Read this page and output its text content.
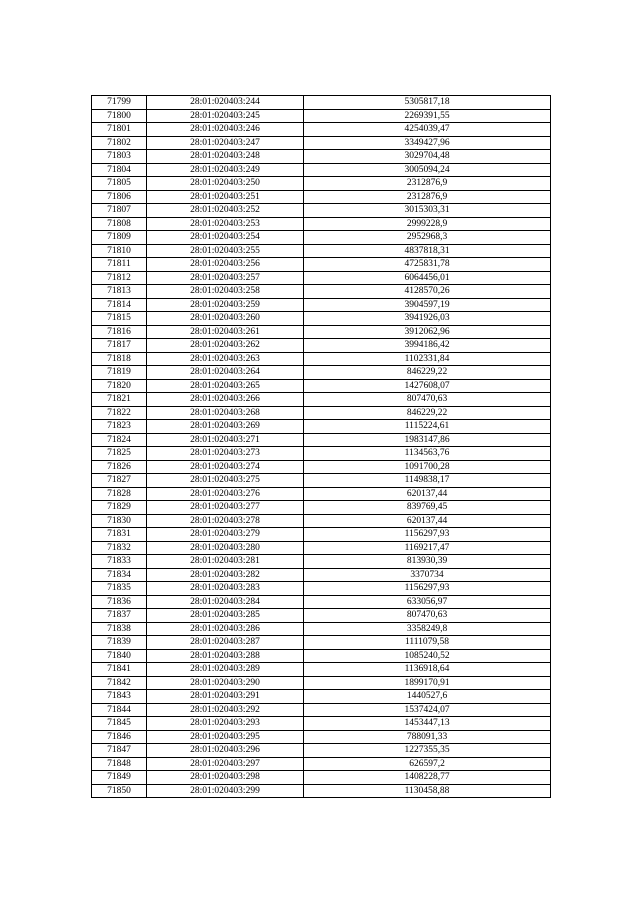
71799	28:01:020403:244	5305817,18
71800	28:01:020403:245	2269391,55
71801	28:01:020403:246	4254039,47
71802	28:01:020403:247	3349427,96
71803	28:01:020403:248	3029704,48
71804	28:01:020403:249	3005094,24
71805	28:01:020403:250	2312876,9
71806	28:01:020403:251	2312876,9
71807	28:01:020403:252	3015303,31
71808	28:01:020403:253	2999228,9
71809	28:01:020403:254	2952968,3
71810	28:01:020403:255	4837818,31
71811	28:01:020403:256	4725831,78
71812	28:01:020403:257	6064456,01
71813	28:01:020403:258	4128570,26
71814	28:01:020403:259	3904597,19
71815	28:01:020403:260	3941926,03
71816	28:01:020403:261	3912062,96
71817	28:01:020403:262	3994186,42
71818	28:01:020403:263	1102331,84
71819	28:01:020403:264	846229,22
71820	28:01:020403:265	1427608,07
71821	28:01:020403:266	807470,63
71822	28:01:020403:268	846229,22
71823	28:01:020403:269	1115224,61
71824	28:01:020403:271	1983147,86
71825	28:01:020403:273	1134563,76
71826	28:01:020403:274	1091700,28
71827	28:01:020403:275	1149838,17
71828	28:01:020403:276	620137,44
71829	28:01:020403:277	839769,45
71830	28:01:020403:278	620137,44
71831	28:01:020403:279	1156297,93
71832	28:01:020403:280	1169217,47
71833	28:01:020403:281	813930,39
71834	28:01:020403:282	3370734
71835	28:01:020403:283	1156297,93
71836	28:01:020403:284	633056,97
71837	28:01:020403:285	807470,63
71838	28:01:020403:286	3358249,8
71839	28:01:020403:287	1111079,58
71840	28:01:020403:288	1085240,52
71841	28:01:020403:289	1136918,64
71842	28:01:020403:290	1899170,91
71843	28:01:020403:291	1440527,6
71844	28:01:020403:292	1537424,07
71845	28:01:020403:293	1453447,13
71846	28:01:020403:295	788091,33
71847	28:01:020403:296	1227355,35
71848	28:01:020403:297	626597,2
71849	28:01:020403:298	1408228,77
71850	28:01:020403:299	1130458,88
